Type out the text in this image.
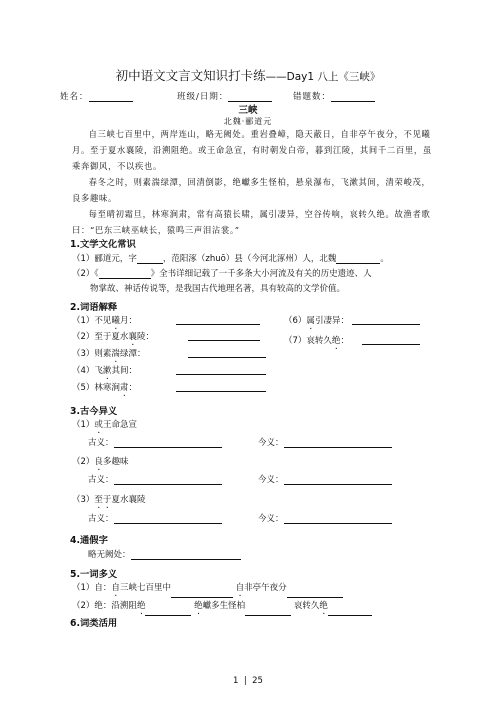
初中语文文言文知识打卡练——Day1 八上《三峡》
姓名：	班级/日期：	错题数：
三峡
北魏·郦道元
自三峡七百里中，两岸连山，略无阙处。重岩叠嶂，隐天蔽日，自非亭午夜分，不见曦月。至于夏水襄陵，沿溯阻绝。或王命急宣，有时朝发白帝，暮到江陵，其间千二百里，虽乘奔御风，不以疾也。
春冬之时，则素湍绿潭，回清倒影，绝巘多生怪柏，悬泉瀑布，飞漱其间，清荣峻茂，良多趣味。
每至晴初霜旦，林寒涧肃，常有高猿长啸，属引凄异，空谷传响，哀转久绝。故渔者歌曰：“巴东三峡巫峡长，猿鸣三声泪沾裳。”
1.文学文化常识
（1）郦道元，字	，范阳涿（zhuō）县（今河北涿州）人，北魏	。
（2）《	》全书详细记载了一千多条大小河流及有关的历史遗迹、人
物掌故、神话传说等，是我国古代地理名著，具有较高的文学价值。
2.词语解释
（1）不见曦月：
（2）至于夏水襄陵：
（3）则素湍绿潭：
（4）飞漱其间：
（5）林寒涧肃：
（6）属引凄异：
（7）哀转久绝：
3.古今异义
（1）或王命急宣
古义：	今义：
（2）良多趣味
古义：	今义：
（3）至于夏水襄陵
古义：	今义：
4.通假字
略无阙处：
5.一词多义
（1）自：自三峡七百里中	自非亭午夜分
（2）绝：沿溯阻绝	绝巘多生怪柏	哀转久绝
6.词类活用
1 | 25
